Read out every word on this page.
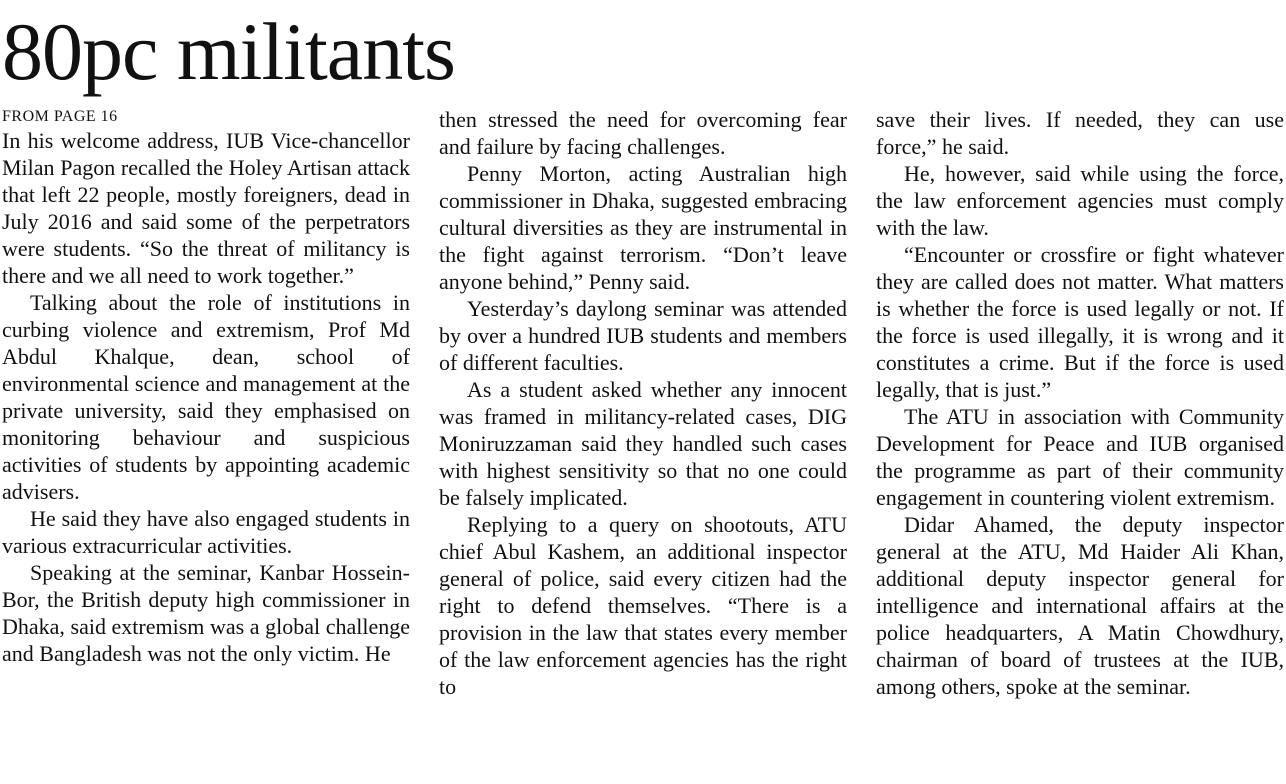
80pc militants
FROM PAGE 16

In his welcome address, IUB Vice-chancellor Milan Pagon recalled the Holey Artisan attack that left 22 people, mostly foreigners, dead in July 2016 and said some of the perpetrators were students. “So the threat of militancy is there and we all need to work together.”

Talking about the role of institutions in curbing violence and extremism, Prof Md Abdul Khalque, dean, school of environmental science and management at the private university, said they emphasised on monitoring behaviour and suspicious activities of students by appointing academic advisers.

He said they have also engaged students in various extracurricular activities.

Speaking at the seminar, Kanbar Hossein-Bor, the British deputy high commissioner in Dhaka, said extremism was a global challenge and Bangladesh was not the only victim. He

then stressed the need for overcoming fear and failure by facing challenges.

Penny Morton, acting Australian high commissioner in Dhaka, suggested embracing cultural diversities as they are instrumental in the fight against terrorism. “Don’t leave anyone behind,” Penny said.

Yesterday’s daylong seminar was attended by over a hundred IUB students and members of different faculties.

As a student asked whether any innocent was framed in militancy-related cases, DIG Moniruzzaman said they handled such cases with highest sensitivity so that no one could be falsely implicated.

Replying to a query on shootouts, ATU chief Abul Kashem, an additional inspector general of police, said every citizen had the right to defend themselves. “There is a provision in the law that states every member of the law enforcement agencies has the right to

save their lives. If needed, they can use force,” he said.

He, however, said while using the force, the law enforcement agencies must comply with the law.

“Encounter or crossfire or fight whatever they are called does not matter. What matters is whether the force is used legally or not. If the force is used illegally, it is wrong and it constitutes a crime. But if the force is used legally, that is just.”

The ATU in association with Community Development for Peace and IUB organised the programme as part of their community engagement in countering violent extremism.

Didar Ahamed, the deputy inspector general at the ATU, Md Haider Ali Khan, additional deputy inspector general for intelligence and international affairs at the police headquarters, A Matin Chowdhury, chairman of board of trustees at the IUB, among others, spoke at the seminar.
